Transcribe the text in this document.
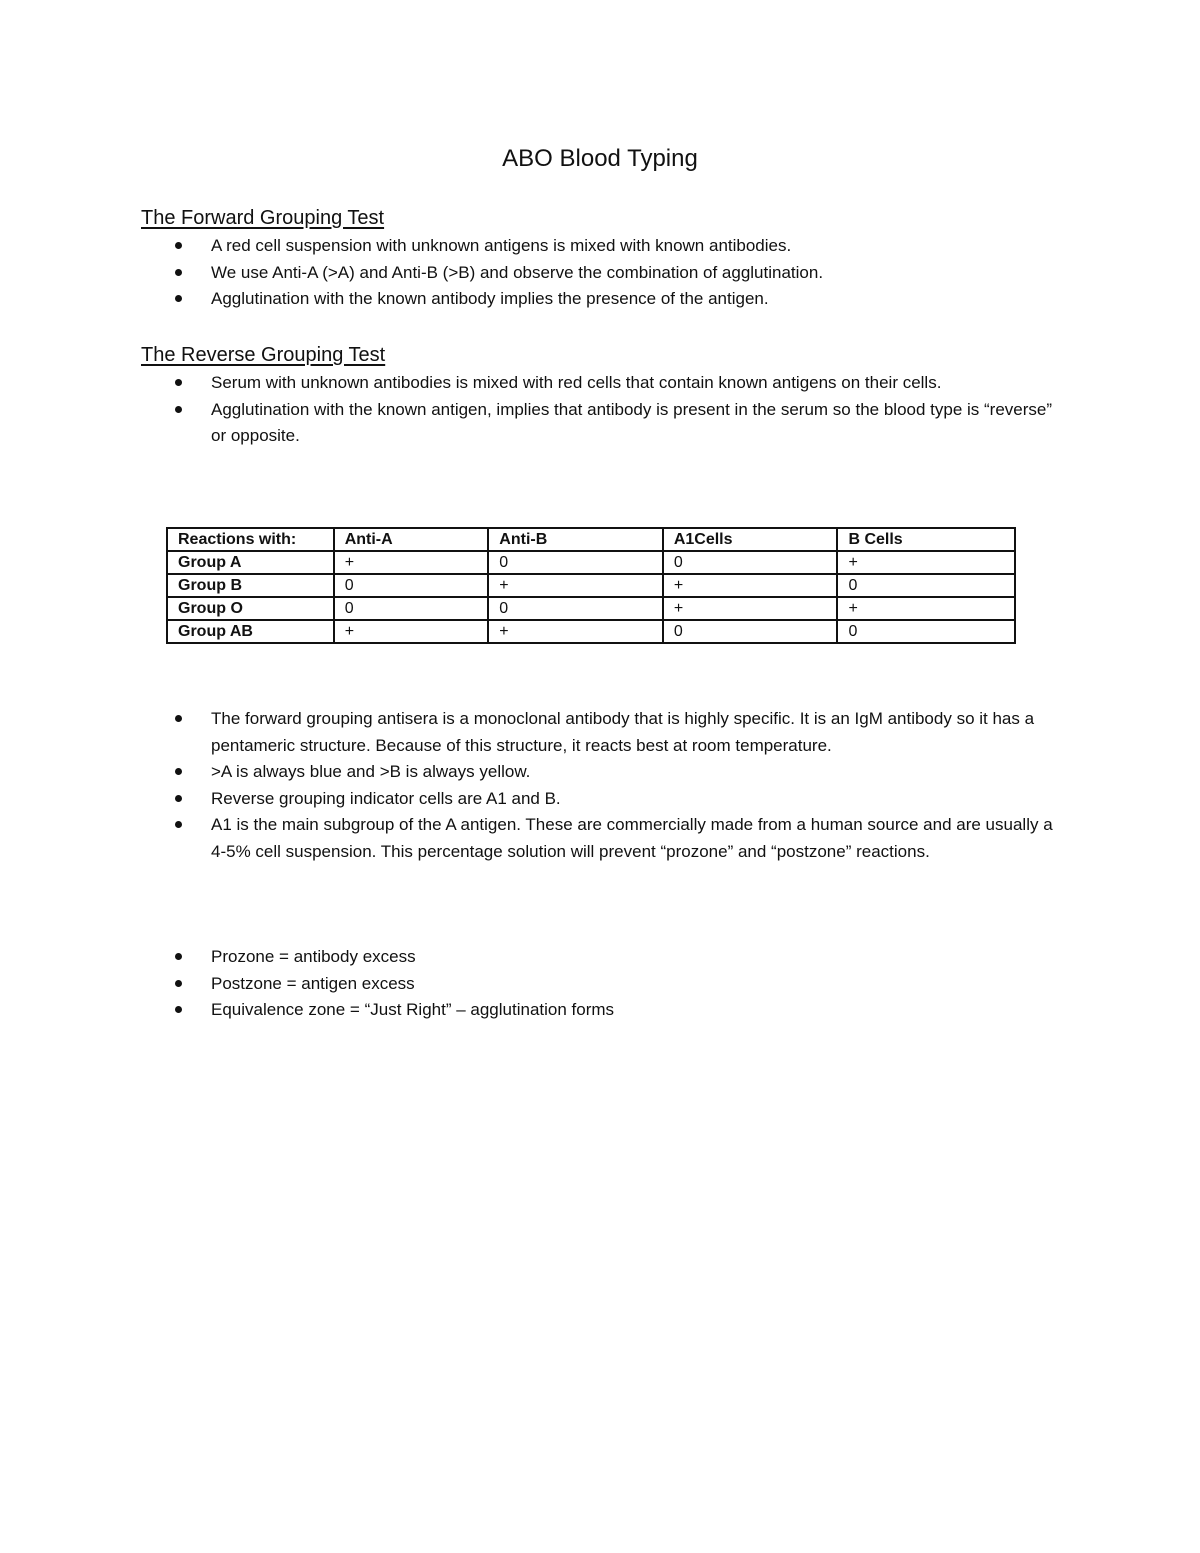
ABO Blood Typing
The Forward Grouping Test
A red cell suspension with unknown antigens is mixed with known antibodies.
We use Anti-A (>A) and Anti-B (>B) and observe the combination of agglutination.
Agglutination with the known antibody implies the presence of the antigen.
The Reverse Grouping Test
Serum with unknown antibodies is mixed with red cells that contain known antigens on their cells.
Agglutination with the known antigen, implies that antibody is present in the serum so the blood type is “reverse” or opposite.
Reactions with:	Anti-A	Anti-B	A1Cells	B Cells
Group A	+	0	0	+
Group B	0	+	+	0
Group O	0	0	+	+
Group AB	+	+	0	0
The forward grouping antisera is a monoclonal antibody that is highly specific. It is an IgM antibody so it has a pentameric structure. Because of this structure, it reacts best at room temperature.
>A is always blue and >B is always yellow.
Reverse grouping indicator cells are A1 and B.
A1 is the main subgroup of the A antigen. These are commercially made from a human source and are usually a 4-5% cell suspension. This percentage solution will prevent “prozone” and “postzone” reactions.
Prozone = antibody excess
Postzone = antigen excess
Equivalence zone = “Just Right” – agglutination forms
